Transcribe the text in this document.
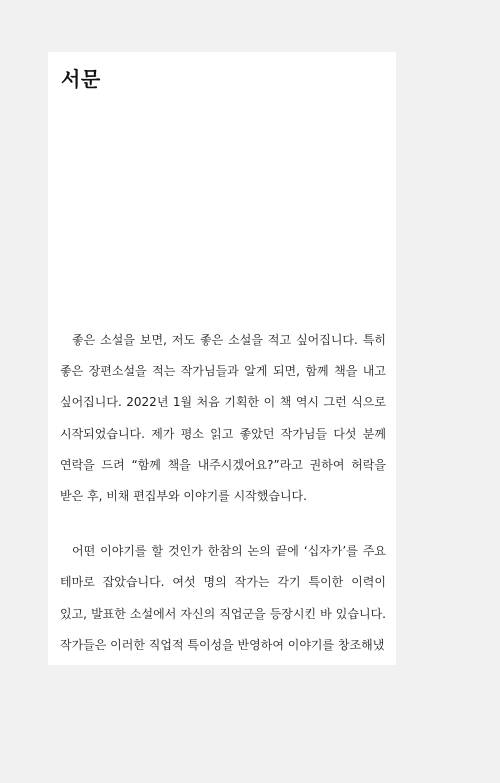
서문

좋은 소설을 보면, 저도 좋은 소설을 적고 싶어집니다. 특히 좋은 장편소설을 적는 작가님들과 알게 되면, 함께 책을 내고 싶어집니다. 2022년 1월 처음 기획한 이 책 역시 그런 식으로 시작되었습니다. 제가 평소 읽고 좋았던 작가님들 다섯 분께 연락을 드려 “함께 책을 내주시겠어요?”라고 권하여 허락을 받은 후, 비채 편집부와 이야기를 시작했습니다.

어떤 이야기를 할 것인가 한참의 논의 끝에 ‘십자가’를 주요 테마로 잡았습니다. 여섯 명의 작가는 각기 특이한 이력이 있고, 발표한 소설에서 자신의 직업군을 등장시킨 바 있습니다. 작가들은 이러한 직업적 특이성을 반영하여 이야기를 창조해냈
